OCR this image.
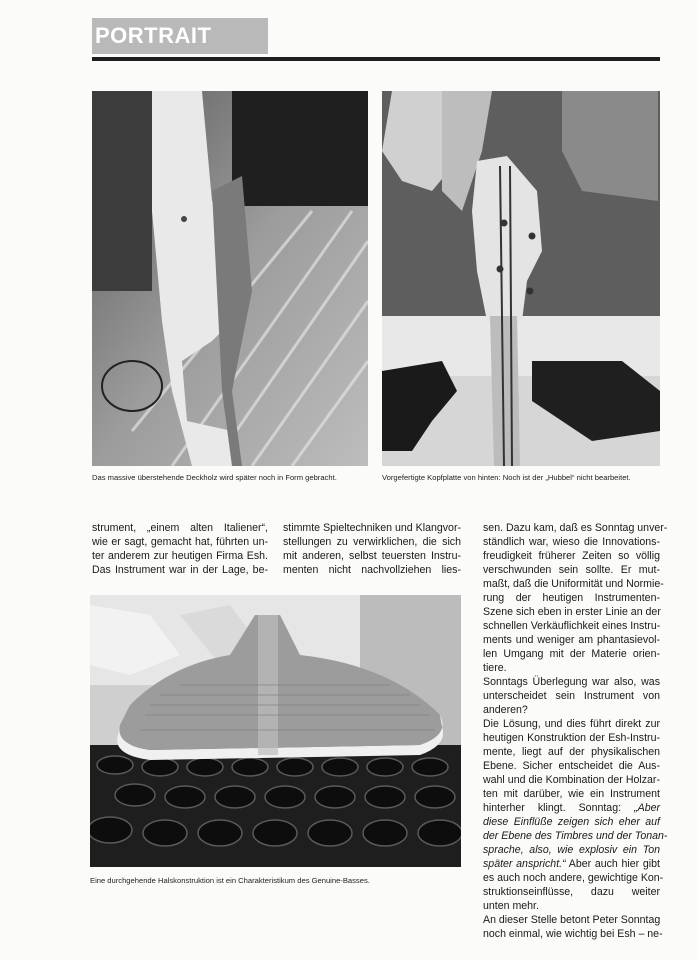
PORTRAIT
Das massive überstehende Deckholz wird später noch in Form gebracht.	Vorgefertigte Kopfplatte von hinten: Noch ist der „Hubbel“ nicht bearbeitet.

strument, „einem alten Italiener“,
wie er sagt, gemacht hat, führten un-
ter anderem zur heutigen Firma Esh.
Das Instrument war in der Lage, be-

stimmte Spieltechniken und Klangvor-
stellungen zu verwirklichen, die sich
mit anderen, selbst teuersten Instru-
menten nicht nachvollziehen lies-

sen. Dazu kam, daß es Sonntag unver-
ständlich war, wieso die Innovations-
freudigkeit früherer Zeiten so völlig
verschwunden sein sollte. Er mut-
maßt, daß die Uniformität und Normie-
rung der heutigen Instrumenten-
Szene sich eben in erster Linie an der
schnellen Verkäuflichkeit eines Instru-
ments und weniger am phantasievol-
len Umgang mit der Materie orien-
tiere.

Sonntags Überlegung war also, was
unterscheidet sein Instrument von
anderen?

Die Lösung, und dies führt direkt zur
heutigen Konstruktion der Esh-Instru-
mente, liegt auf der physikalischen
Ebene. Sicher entscheidet die Aus-
wahl und die Kombination der Holzar-
ten mit darüber, wie ein Instrument
hinterher klingt. Sonntag: „Aber
diese Einflüße zeigen sich eher auf
der Ebene des Timbres und der Tonan-
sprache, also, wie explosiv ein Ton
später anspricht.“ Aber auch hier gibt
es auch noch andere, gewichtige Kon-
struktionseinflüsse, dazu weiter
unten mehr.

An dieser Stelle betont Peter Sonntag
noch einmal, wie wichtig bei Esh – ne-

Eine durchgehende Halskonstruktion ist ein Charakteristikum des Genuine-Basses.
